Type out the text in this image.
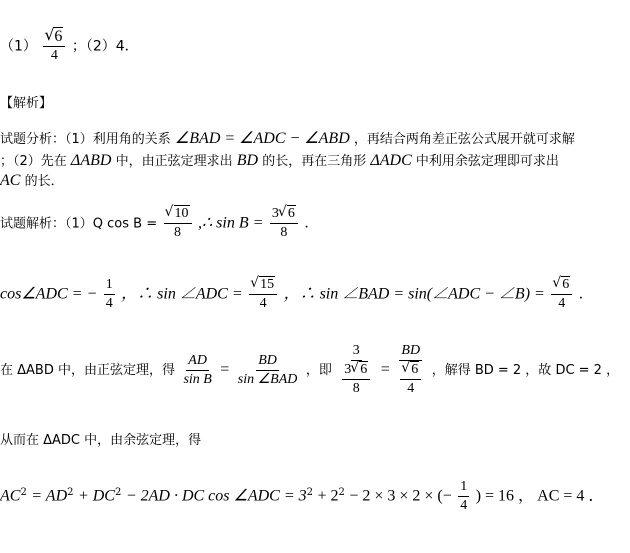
（1） √ $\frac{6}{4}$ ；（2）4．
【解析】
试题分析：（1）利用角的关系 ∠BAD = ∠ADC − ∠ABD ，再结合两角差正弦公式展开就可求解
；（2）先在 ΔABD 中，由正弦定理求出 BD 的长，再在三角形 ΔADC 中利用余弦定理即可求出
AC 的长．
试题解析：（1）Q cos B = √ $\frac{10}{8}$ ,∴ $\sin B = \frac{3 √ 6}{8}$ ．
cos∠ADC = − $\frac{1}{4}$ ，∴ sin ∠ADC = √ $\frac{15}{4}$ ，∴ sin ∠BAD = sin(∠ADC − ∠B) = √ $\frac{6}{4}$ ．
在 ΔABD 中，由正弦定理，得 $\frac{AD}{\text{sin B}} = \frac{BD}{\text{sin ∠BAD}}$ ，即 $\frac{3}{\frac{3 √ 6}{8}}$ = BD
√ $\frac{6}{4}$ ，解得 BD = 2 ，故 DC = 2 ，
从而在 ΔADC 中，由余弦定理，得
$AC^2 = AD^2 + DC^2 - 2AD$ · DC cos ∠ADC = $3^2 + 2^2 - 2 \times 3 \times 2$ × (− $\frac{1}{4}$ ) = 16 ， AC = 4 ．
